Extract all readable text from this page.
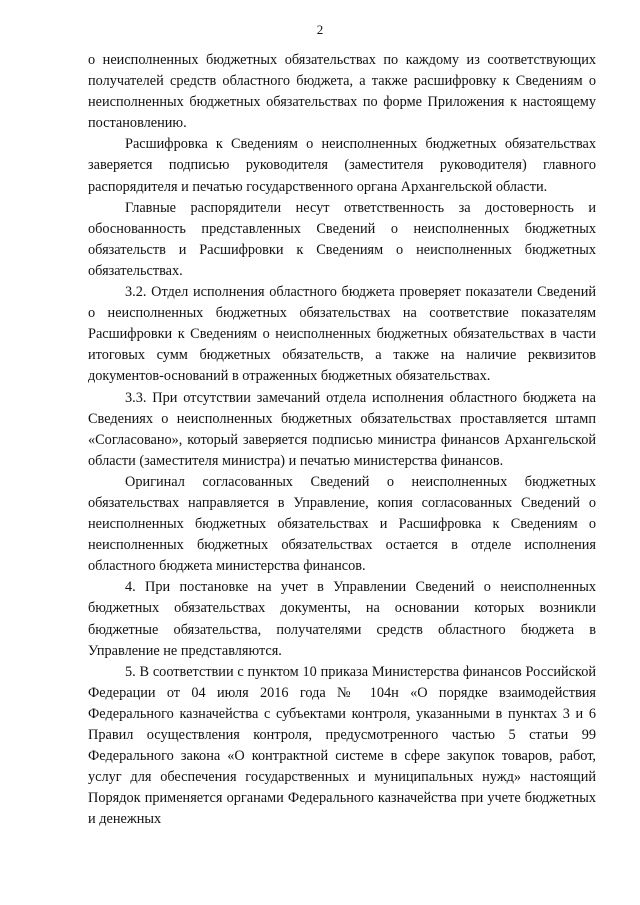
2

о неисполненных бюджетных обязательствах по каждому из соответствующих получателей средств областного бюджета, а также расшифровку к Сведениям о неисполненных бюджетных обязательствах по форме Приложения к настоящему постановлению.

Расшифровка к Сведениям о неисполненных бюджетных обязательствах заверяется подписью руководителя (заместителя руководителя) главного распорядителя и печатью государственного органа Архангельской области.

Главные распорядители несут ответственность за достоверность и обоснованность представленных Сведений о неисполненных бюджетных обязательств и Расшифровки к Сведениям о неисполненных бюджетных обязательствах.

3.2. Отдел исполнения областного бюджета проверяет показатели Сведений о неисполненных бюджетных обязательствах на соответствие показателям Расшифровки к Сведениям о неисполненных бюджетных обязательствах в части итоговых сумм бюджетных обязательств, а также на наличие реквизитов документов-оснований в отраженных бюджетных обязательствах.

3.3. При отсутствии замечаний отдела исполнения областного бюджета на Сведениях о неисполненных бюджетных обязательствах проставляется штамп «Согласовано», который заверяется подписью министра финансов Архангельской области (заместителя министра) и печатью министерства финансов.

Оригинал согласованных Сведений о неисполненных бюджетных обязательствах направляется в Управление, копия согласованных Сведений о неисполненных бюджетных обязательствах и Расшифровка к Сведениям о неисполненных бюджетных обязательствах остается в отделе исполнения областного бюджета министерства финансов.

4. При постановке на учет в Управлении Сведений о неисполненных бюджетных обязательствах документы, на основании которых возникли бюджетные обязательства, получателями средств областного бюджета в Управление не представляются.

5. В соответствии с пунктом 10 приказа Министерства финансов Российской Федерации от 04 июля 2016 года № 104н «О порядке взаимодействия Федерального казначейства с субъектами контроля, указанными в пунктах 3 и 6 Правил осуществления контроля, предусмотренного частью 5 статьи 99 Федерального закона «О контрактной системе в сфере закупок товаров, работ, услуг для обеспечения государственных и муниципальных нужд» настоящий Порядок применяется органами Федерального казначейства при учете бюджетных и денежных
